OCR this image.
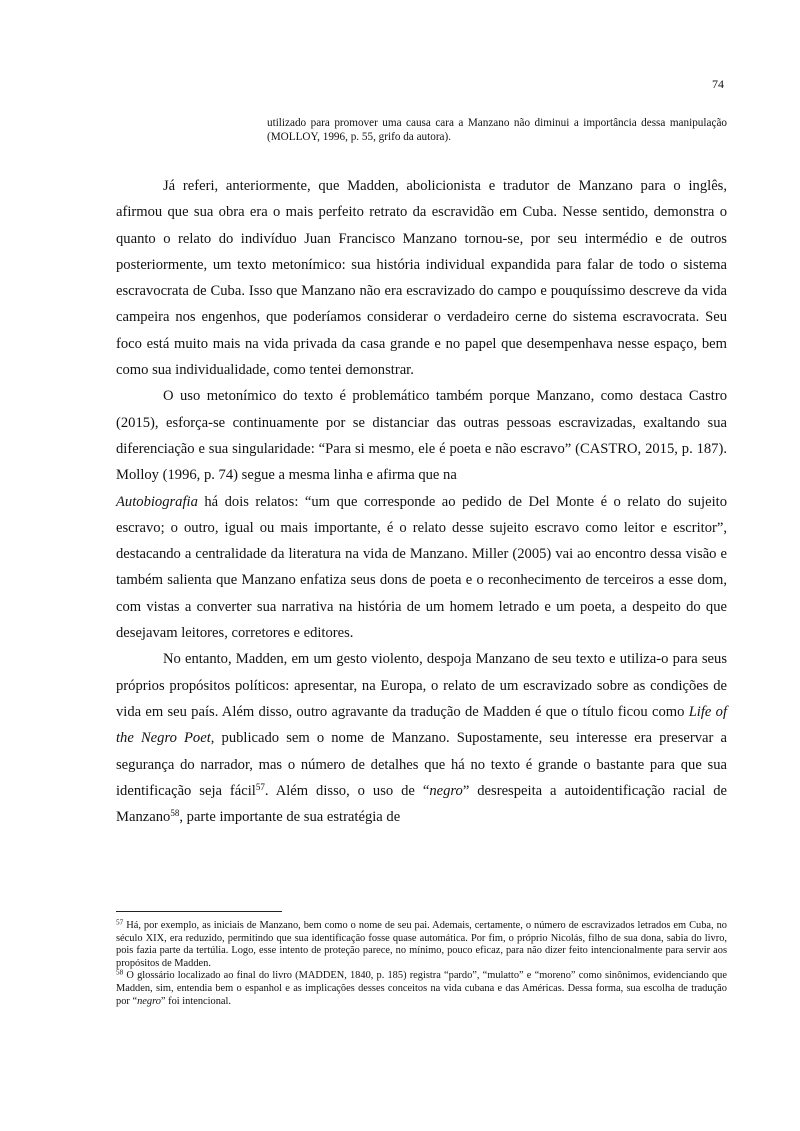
74
utilizado para promover uma causa cara a Manzano não diminui a importância dessa manipulação (MOLLOY, 1996, p. 55, grifo da autora).

Já referi, anteriormente, que Madden, abolicionista e tradutor de Manzano para o inglês, afirmou que sua obra era o mais perfeito retrato da escravidão em Cuba. Nesse sentido, demonstra o quanto o relato do indivíduo Juan Francisco Manzano tornou-se, por seu intermédio e de outros posteriormente, um texto metonímico: sua história individual expandida para falar de todo o sistema escravocrata de Cuba. Isso que Manzano não era escravizado do campo e pouquíssimo descreve da vida campeira nos engenhos, que poderíamos considerar o verdadeiro cerne do sistema escravocrata. Seu foco está muito mais na vida privada da casa grande e no papel que desempenhava nesse espaço, bem como sua individualidade, como tentei demonstrar.

O uso metonímico do texto é problemático também porque Manzano, como destaca Castro (2015), esforça-se continuamente por se distanciar das outras pessoas escravizadas, exaltando sua diferenciação e sua singularidade: “Para si mesmo, ele é poeta e não escravo” (CASTRO, 2015, p. 187). Molloy (1996, p. 74) segue a mesma linha e afirma que na
Autobiografia há dois relatos: “um que corresponde ao pedido de Del Monte é o relato do sujeito escravo; o outro, igual ou mais importante, é o relato desse sujeito escravo como leitor e escritor”, destacando a centralidade da literatura na vida de Manzano. Miller (2005) vai ao encontro dessa visão e também salienta que Manzano enfatiza seus dons de poeta e o reconhecimento de terceiros a esse dom, com vistas a converter sua narrativa na história de um homem letrado e um poeta, a despeito do que desejavam leitores, corretores e editores.

No entanto, Madden, em um gesto violento, despoja Manzano de seu texto e utiliza-o para seus próprios propósitos políticos: apresentar, na Europa, o relato de um escravizado sobre as condições de vida em seu país. Além disso, outro agravante da tradução de Madden é que o título ficou como Life of the Negro Poet, publicado sem o nome de Manzano. Supostamente, seu interesse era preservar a segurança do narrador, mas o número de detalhes que há no texto é grande o bastante para que sua identificação seja fácil$^{57}$. Além disso, o uso de “negro” desrespeita a autoidentificação racial de Manzano$^{58}$, parte importante de sua estratégia de

$^{57}$ Há, por exemplo, as iniciais de Manzano, bem como o nome de seu pai. Ademais, certamente, o número de escravizados letrados em Cuba, no século XIX, era reduzido, permitindo que sua identificação fosse quase automática. Por fim, o próprio Nicolás, filho de sua dona, sabia do livro, pois fazia parte da tertúlia. Logo, esse intento de proteção parece, no mínimo, pouco eficaz, para não dizer feito intencionalmente para servir aos propósitos de Madden.

$^{58}$ O glossário localizado ao final do livro (MADDEN, 1840, p. 185) registra “pardo”, “mulatto” e “moreno” como sinônimos, evidenciando que Madden, sim, entendia bem o espanhol e as implicações desses conceitos na vida cubana e das Américas. Dessa forma, sua escolha de tradução por “negro” foi intencional.
